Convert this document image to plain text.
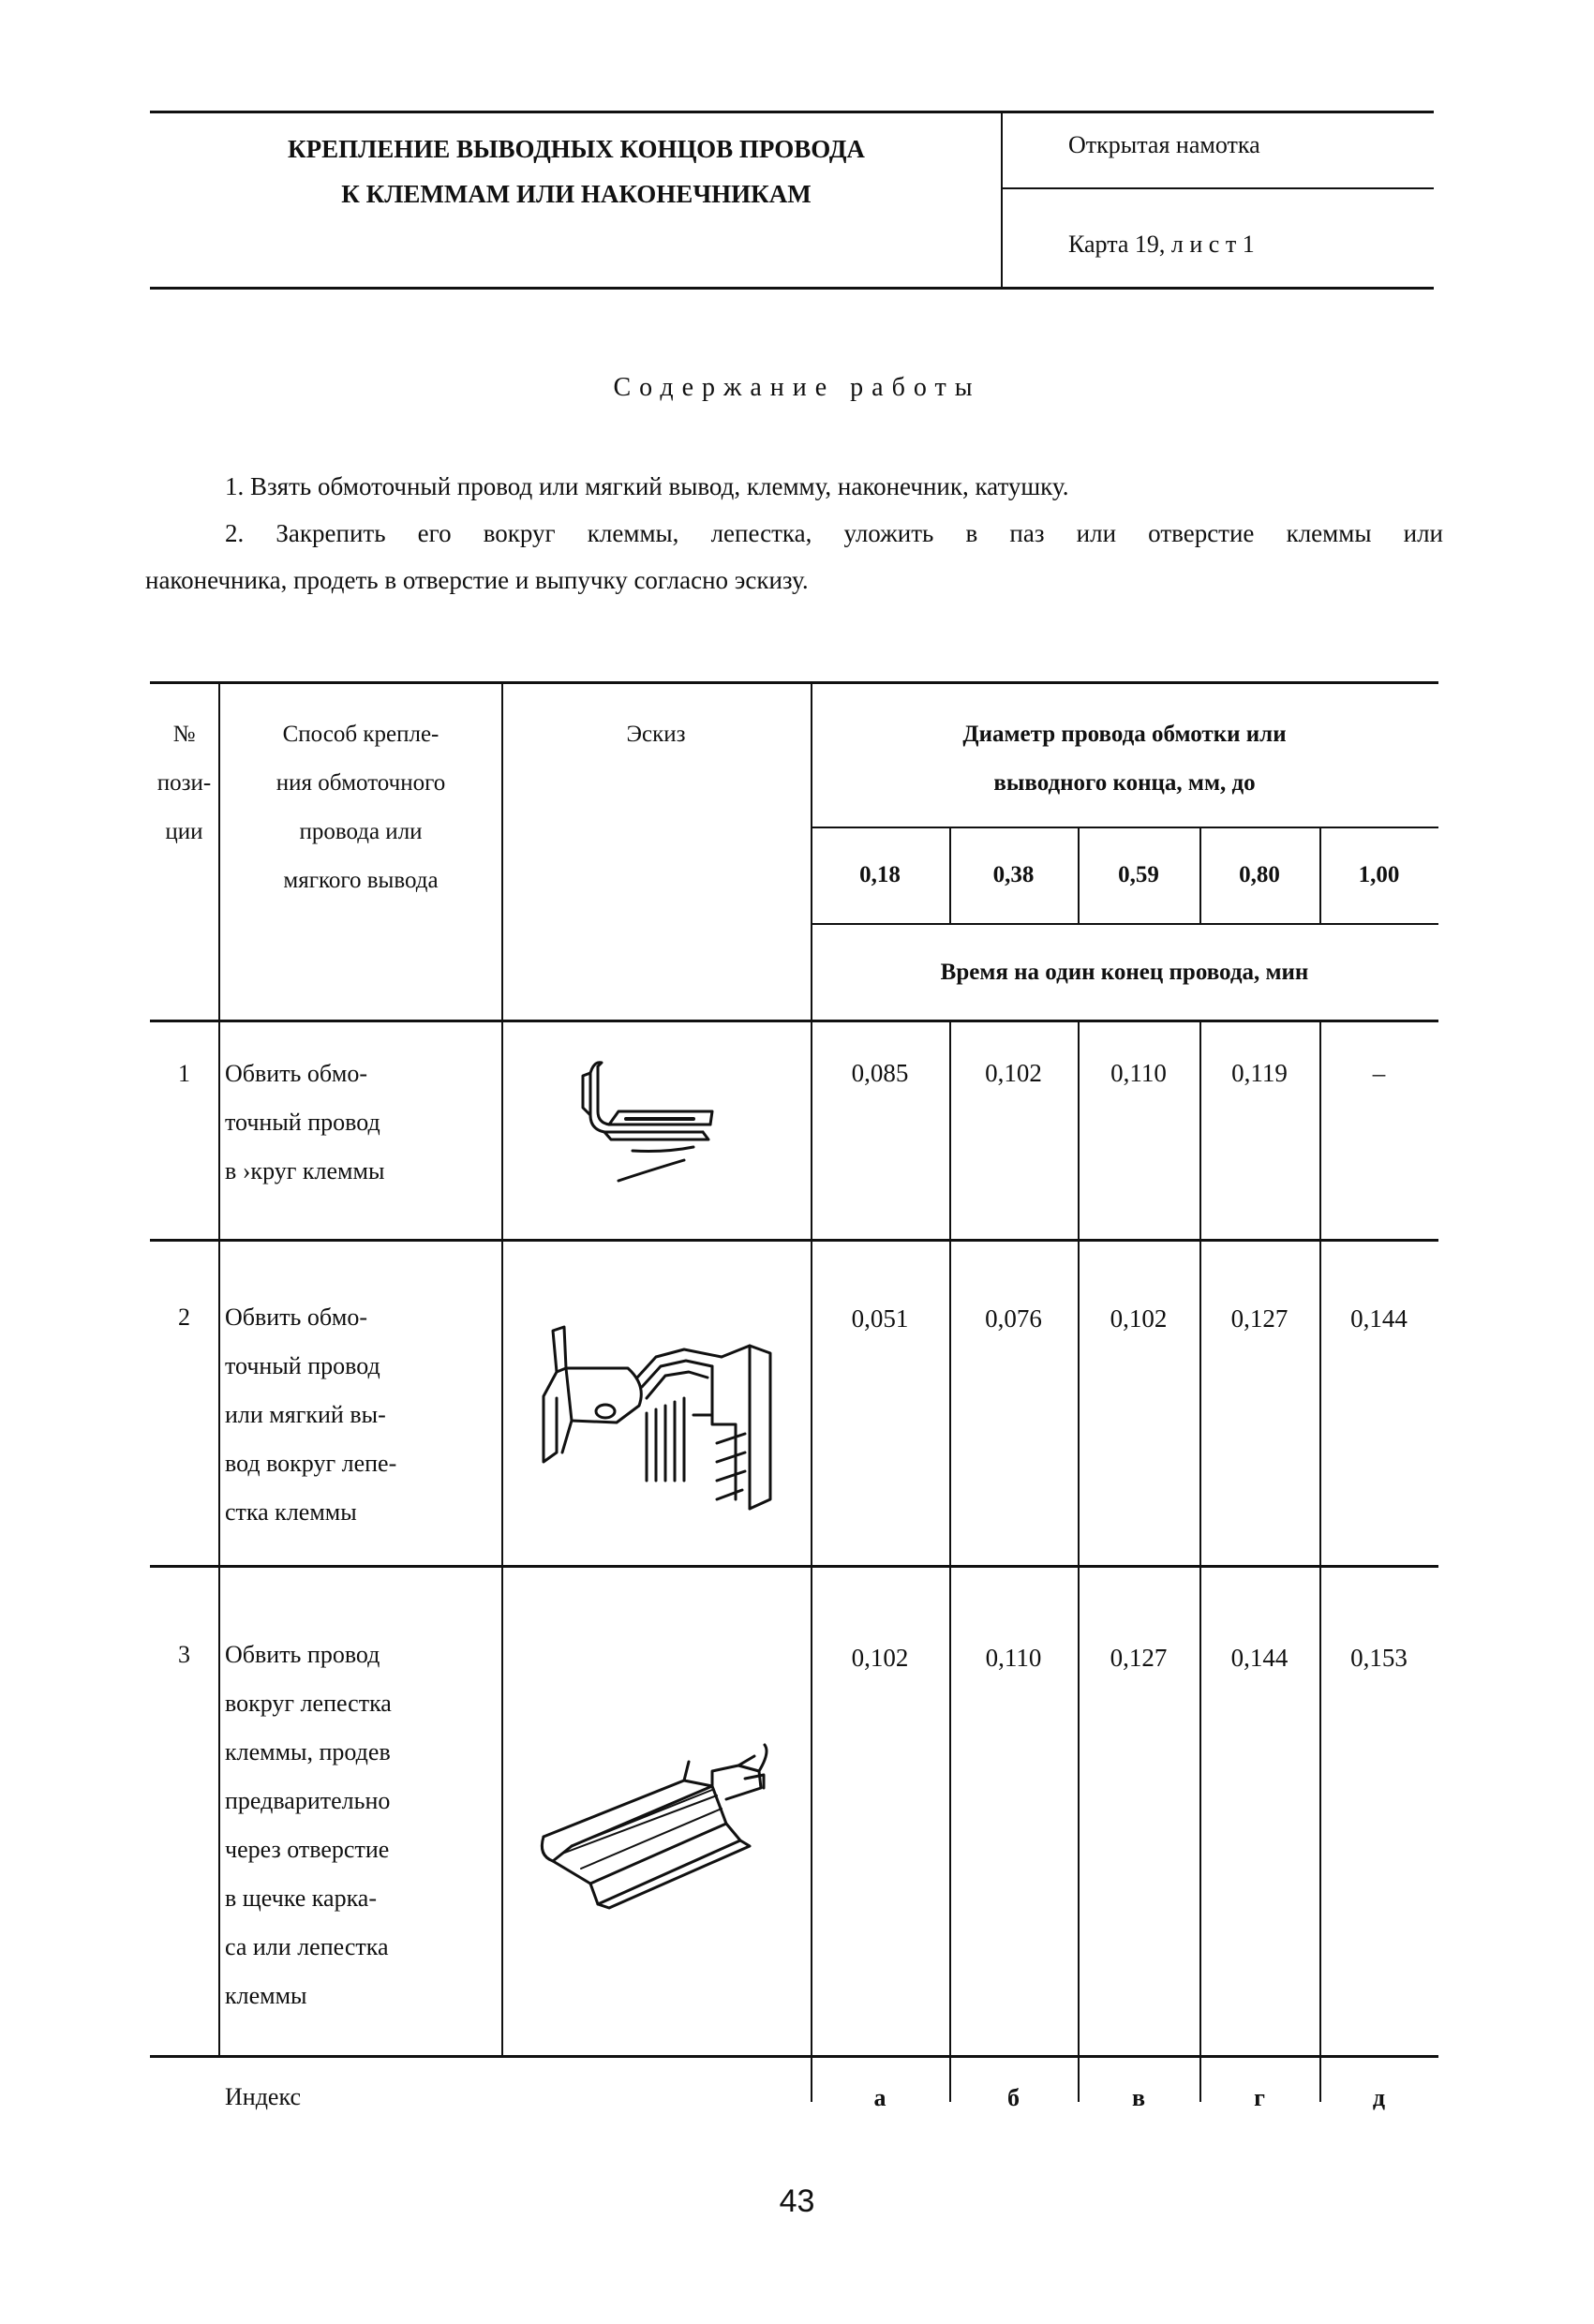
КРЕПЛЕНИЕ ВЫВОДНЫХ КОНЦОВ ПРОВОДА
К КЛЕММАМ ИЛИ НАКОНЕЧНИКАМ
Открытая намотка
Карта 19, л и с т 1
Содержание работы
1. Взять обмоточный провод или мягкий вывод, клемму, наконечник, катушку.
2. Закрепить его вокруг клеммы, лепестка, уложить в паз или отверстие клеммы или
наконечника, продеть в отверстие и выпучку согласно эскизу.
№
пози-
ции
Способ крепле-
ния обмоточного
провода или
мягкого вывода
Эскиз	Диаметр провода обмотки или
выводного конца, мм, до
0,18	0,38	0,59	0,80	1,00
Время на один конец провода, мин
1	Обвить обмо-
точный провод
в ›круг клеммы
0,085	0,102	0,110	0,119	–
2	Обвить обмо-
точный провод
или мягкий вы-
вод вокруг лепе-
стка клеммы
0,051	0,076	0,102	0,127	0,144
3	Обвить провод
вокруг лепестка
клеммы, продев
предварительно
через отверстие
в щечке карка-
са или лепестка
клеммы
0,102	0,110	0,127	0,144	0,153
Индекс	а	б	в	г	д
43
